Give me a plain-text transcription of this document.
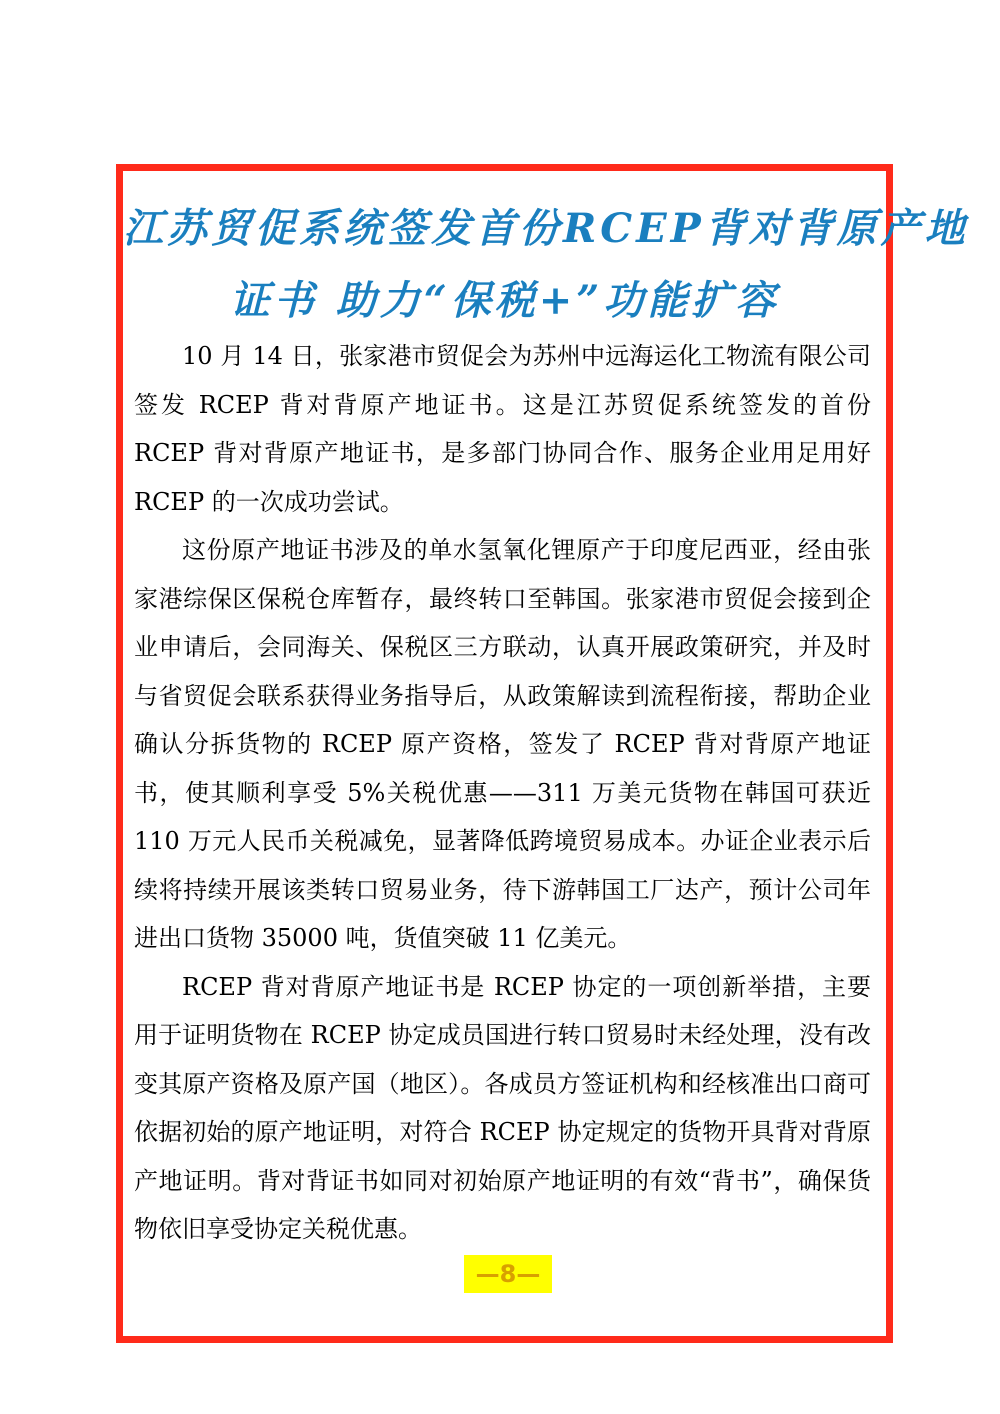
江苏贸促系统签发首份RCEP背对背原产地
证书 助力“保税+”功能扩容

10 月 14 日，张家港市贸促会为苏州中远海运化工物流有限公司签发 RCEP 背对背原产地证书。这是江苏贸促系统签发的首份 RCEP 背对背原产地证书，是多部门协同合作、服务企业用足用好 RCEP 的一次成功尝试。

这份原产地证书涉及的单水氢氧化锂原产于印度尼西亚，经由张家港综保区保税仓库暂存，最终转口至韩国。张家港市贸促会接到企业申请后，会同海关、保税区三方联动，认真开展政策研究，并及时与省贸促会联系获得业务指导后，从政策解读到流程衔接，帮助企业确认分拆货物的 RCEP 原产资格，签发了 RCEP 背对背原产地证书，使其顺利享受 5%关税优惠——311 万美元货物在韩国可获近 110 万元人民币关税减免，显著降低跨境贸易成本。办证企业表示后续将持续开展该类转口贸易业务，待下游韩国工厂达产，预计公司年进出口货物 35000 吨，货值突破 11 亿美元。

RCEP 背对背原产地证书是 RCEP 协定的一项创新举措，主要用于证明货物在 RCEP 协定成员国进行转口贸易时未经处理，没有改变其原产资格及原产国（地区）。各成员方签证机构和经核准出口商可依据初始的原产地证明，对符合 RCEP 协定规定的货物开具背对背原产地证明。背对背证书如同对初始原产地证明的有效“背书”，确保货物依旧享受协定关税优惠。

—8—
